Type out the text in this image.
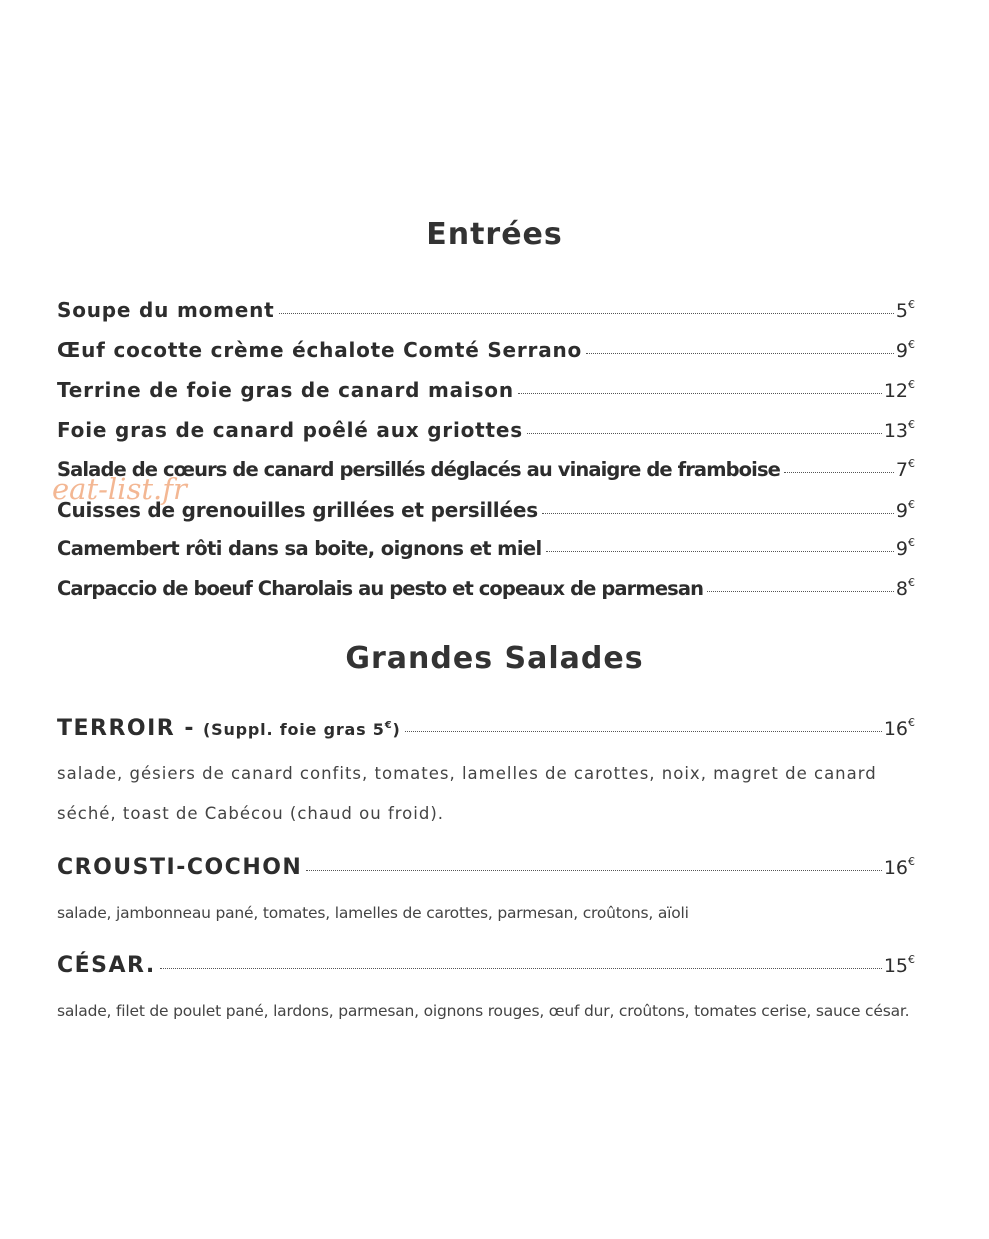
Entrées
Soupe du moment	5€
Œuf cocotte crème échalote Comté Serrano	9€
Terrine de foie gras de canard maison	12€
Foie gras de canard poêlé aux griottes	13€
Salade de cœurs de canard persillés déglacés au vinaigre de framboise	7€
Cuisses de grenouilles grillées et persillées	9€
Camembert rôti dans sa boite, oignons et miel	9€
Carpaccio de boeuf Charolais au pesto et copeaux de parmesan	8€
Grandes Salades
TERROIR - (Suppl. foie gras 5€)	16€

salade, gésiers de canard confits, tomates, lamelles de carottes, noix, magret de canard séché, toast de Cabécou (chaud ou froid).

CROUSTI-COCHON	16€

salade, jambonneau pané, tomates, lamelles de carottes, parmesan, croûtons, aïoli

CÉSAR.	15€

salade, filet de poulet pané, lardons, parmesan, oignons rouges, œuf dur, croûtons, tomates cerise, sauce césar.

eat-list.fr
